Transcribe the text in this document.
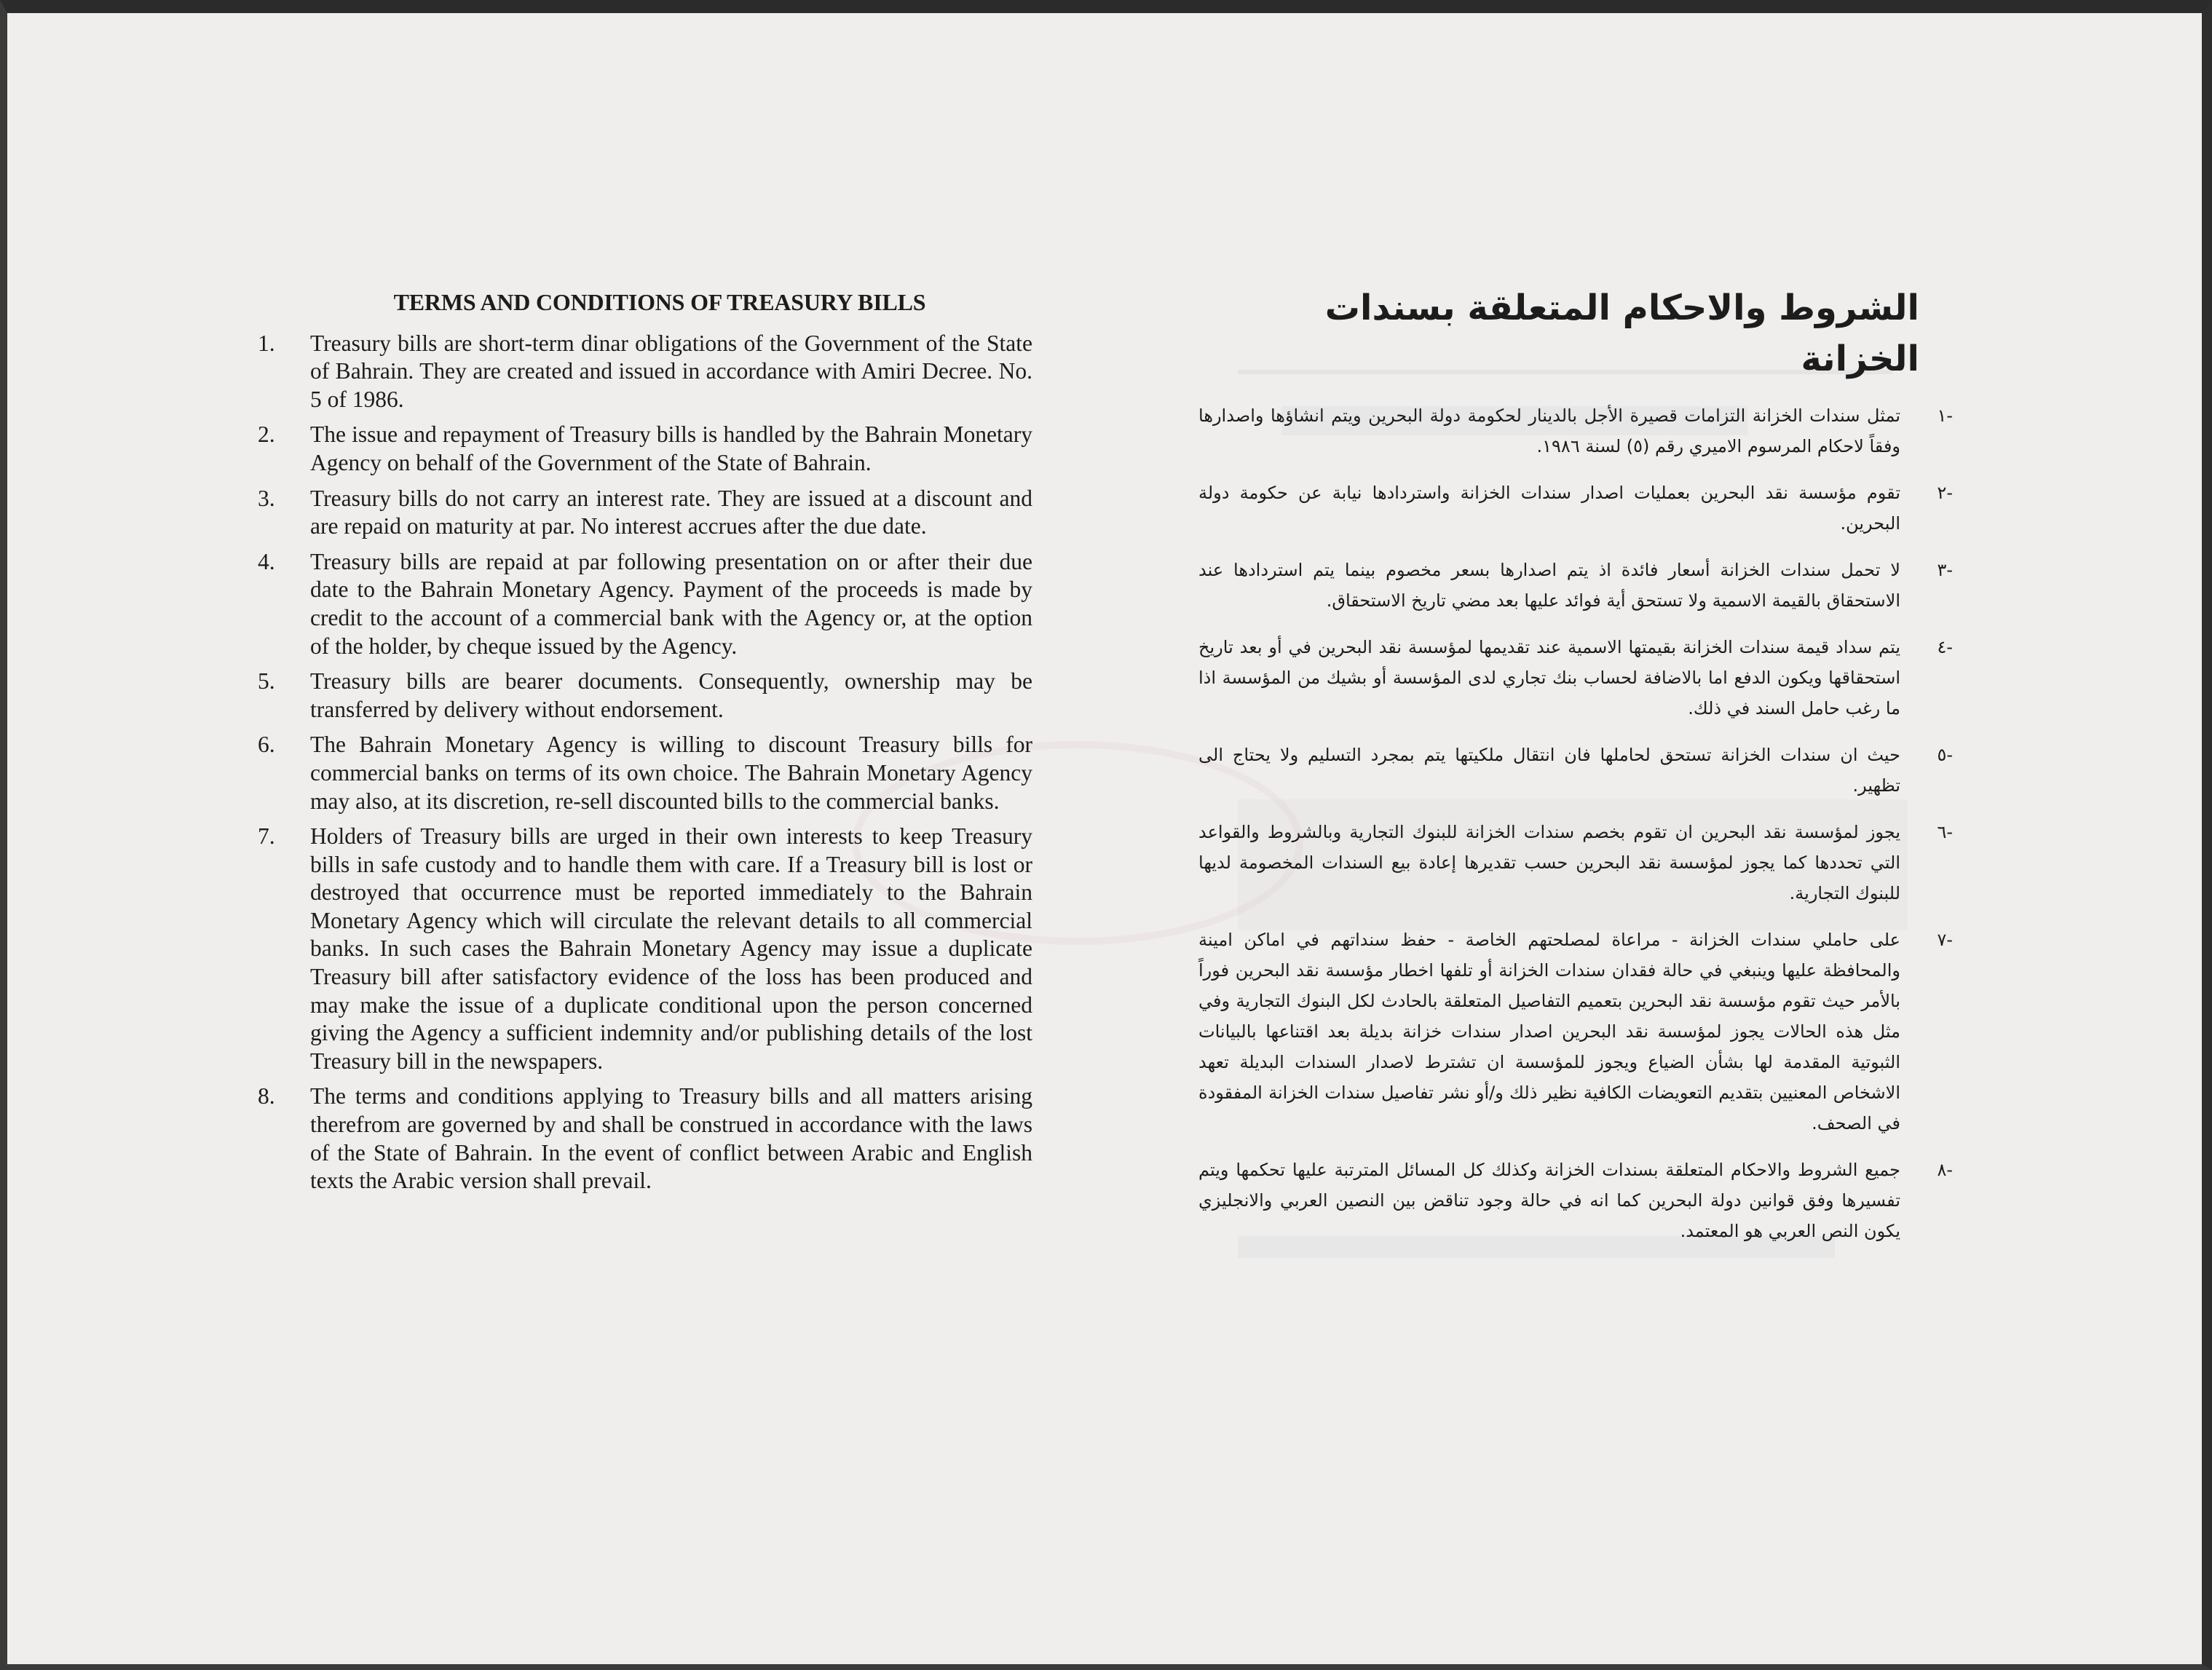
TERMS AND CONDITIONS OF TREASURY BILLS
1.	Treasury bills are short-term dinar obligations of the Government of the State of Bahrain. They are created and issued in accordance with Amiri Decree. No. 5 of 1986.
2.	The issue and repayment of Treasury bills is handled by the Bahrain Monetary Agency on behalf of the Government of the State of Bahrain.
3.	Treasury bills do not carry an interest rate. They are issued at a discount and are repaid on maturity at par. No interest accrues after the due date.
4.	Treasury bills are repaid at par following presentation on or after their due date to the Bahrain Monetary Agency. Payment of the proceeds is made by credit to the account of a commercial bank with the Agency or, at the option of the holder, by cheque issued by the Agency.
5.	Treasury bills are bearer documents. Consequently, ownership may be transferred by delivery without endorsement.
6.	The Bahrain Monetary Agency is willing to discount Treasury bills for commercial banks on terms of its own choice. The Bahrain Monetary Agency may also, at its discretion, re-sell discounted bills to the commercial banks.
7.	Holders of Treasury bills are urged in their own interests to keep Treasury bills in safe custody and to handle them with care. If a Treasury bill is lost or destroyed that occurrence must be reported immediately to the Bahrain Monetary Agency which will circulate the relevant details to all commercial banks. In such cases the Bahrain Monetary Agency may issue a duplicate Treasury bill after satisfactory evidence of the loss has been produced and may make the issue of a duplicate conditional upon the person concerned giving the Agency a sufficient indemnity and/or publishing details of the lost Treasury bill in the newspapers.
8.	The terms and conditions applying to Treasury bills and all matters arising therefrom are governed by and shall be construed in accordance with the laws of the State of Bahrain. In the event of conflict between Arabic and English texts the Arabic version shall prevail.
الشروط والاحكام المتعلقة بسندات الخزانة
-١
تمثل سندات الخزانة التزامات قصيرة الأجل بالدينار لحكومة دولة البحرين ويتم انشاؤها واصدارها وفقاً لاحكام المرسوم الاميري رقم (٥) لسنة ١٩٨٦.
-٢
تقوم مؤسسة نقد البحرين بعمليات اصدار سندات الخزانة واستردادها نيابة عن حكومة دولة البحرين.
-٣
لا تحمل سندات الخزانة أسعار فائدة اذ يتم اصدارها بسعر مخصوم بينما يتم استردادها عند الاستحقاق بالقيمة الاسمية ولا تستحق أية فوائد عليها بعد مضي تاريخ الاستحقاق.
-٤
يتم سداد قيمة سندات الخزانة بقيمتها الاسمية عند تقديمها لمؤسسة نقد البحرين في أو بعد تاريخ استحقاقها ويكون الدفع اما بالاضافة لحساب بنك تجاري لدى المؤسسة أو بشيك من المؤسسة اذا ما رغب حامل السند في ذلك.
-٥
حيث ان سندات الخزانة تستحق لحاملها فان انتقال ملكيتها يتم بمجرد التسليم ولا يحتاج الى تظهير.
-٦
يجوز لمؤسسة نقد البحرين ان تقوم بخصم سندات الخزانة للبنوك التجارية وبالشروط والقواعد التي تحددها كما يجوز لمؤسسة نقد البحرين حسب تقديرها إعادة بيع السندات المخصومة لديها للبنوك التجارية.
-٧
على حاملي سندات الخزانة - مراعاة لمصلحتهم الخاصة - حفظ سنداتهم في اماكن امينة والمحافظة عليها وينبغي في حالة فقدان سندات الخزانة أو تلفها اخطار مؤسسة نقد البحرين فوراً بالأمر حيث تقوم مؤسسة نقد البحرين بتعميم التفاصيل المتعلقة بالحادث لكل البنوك التجارية وفي مثل هذه الحالات يجوز لمؤسسة نقد البحرين اصدار سندات خزانة بديلة بعد اقتناعها بالبيانات الثبوتية المقدمة لها بشأن الضياع ويجوز للمؤسسة ان تشترط لاصدار السندات البديلة تعهد الاشخاص المعنيين بتقديم التعويضات الكافية نظير ذلك و/أو نشر تفاصيل سندات الخزانة المفقودة في الصحف.
-٨
جميع الشروط والاحكام المتعلقة بسندات الخزانة وكذلك كل المسائل المترتبة عليها تحكمها ويتم تفسيرها وفق قوانين دولة البحرين كما انه في حالة وجود تناقض بين النصين العربي والانجليزي يكون النص العربي هو المعتمد.
